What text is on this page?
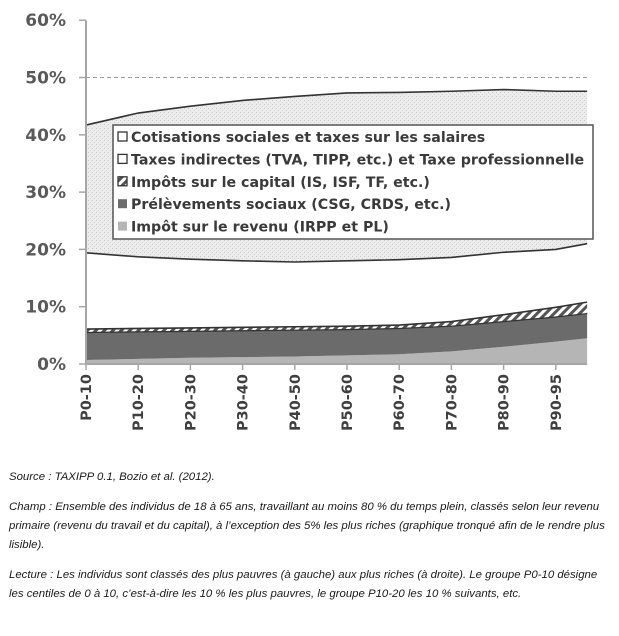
0%
10%
20%
30%
40%
50%
60%
P0-10 P10-20 P20-30 P30-40 P40-50 P50-60 P60-70 P70-80 P80-90 P90-95
Cotisations sociales et taxes sur les salaires
Taxes indirectes (TVA, TIPP, etc.) et Taxe professionnelle
Impôts sur le capital (IS, ISF, TF, etc.)
Prélèvements sociaux (CSG, CRDS, etc.)
Impôt sur le revenu (IRPP et PL)

Source : TAXIPP 0.1, Bozio et al. (2012).

Champ : Ensemble des individus de 18 à 65 ans, travaillant au moins 80 % du temps plein, classés selon leur revenu primaire (revenu du travail et du capital), à l’exception des 5% les plus riches (graphique tronqué afin de le rendre plus lisible).

Lecture : Les individus sont classés des plus pauvres (à gauche) aux plus riches (à droite). Le groupe P0-10 désigne les centiles de 0 à 10, c’est-à-dire les 10 % les plus pauvres, le groupe P10-20 les 10 % suivants, etc.
